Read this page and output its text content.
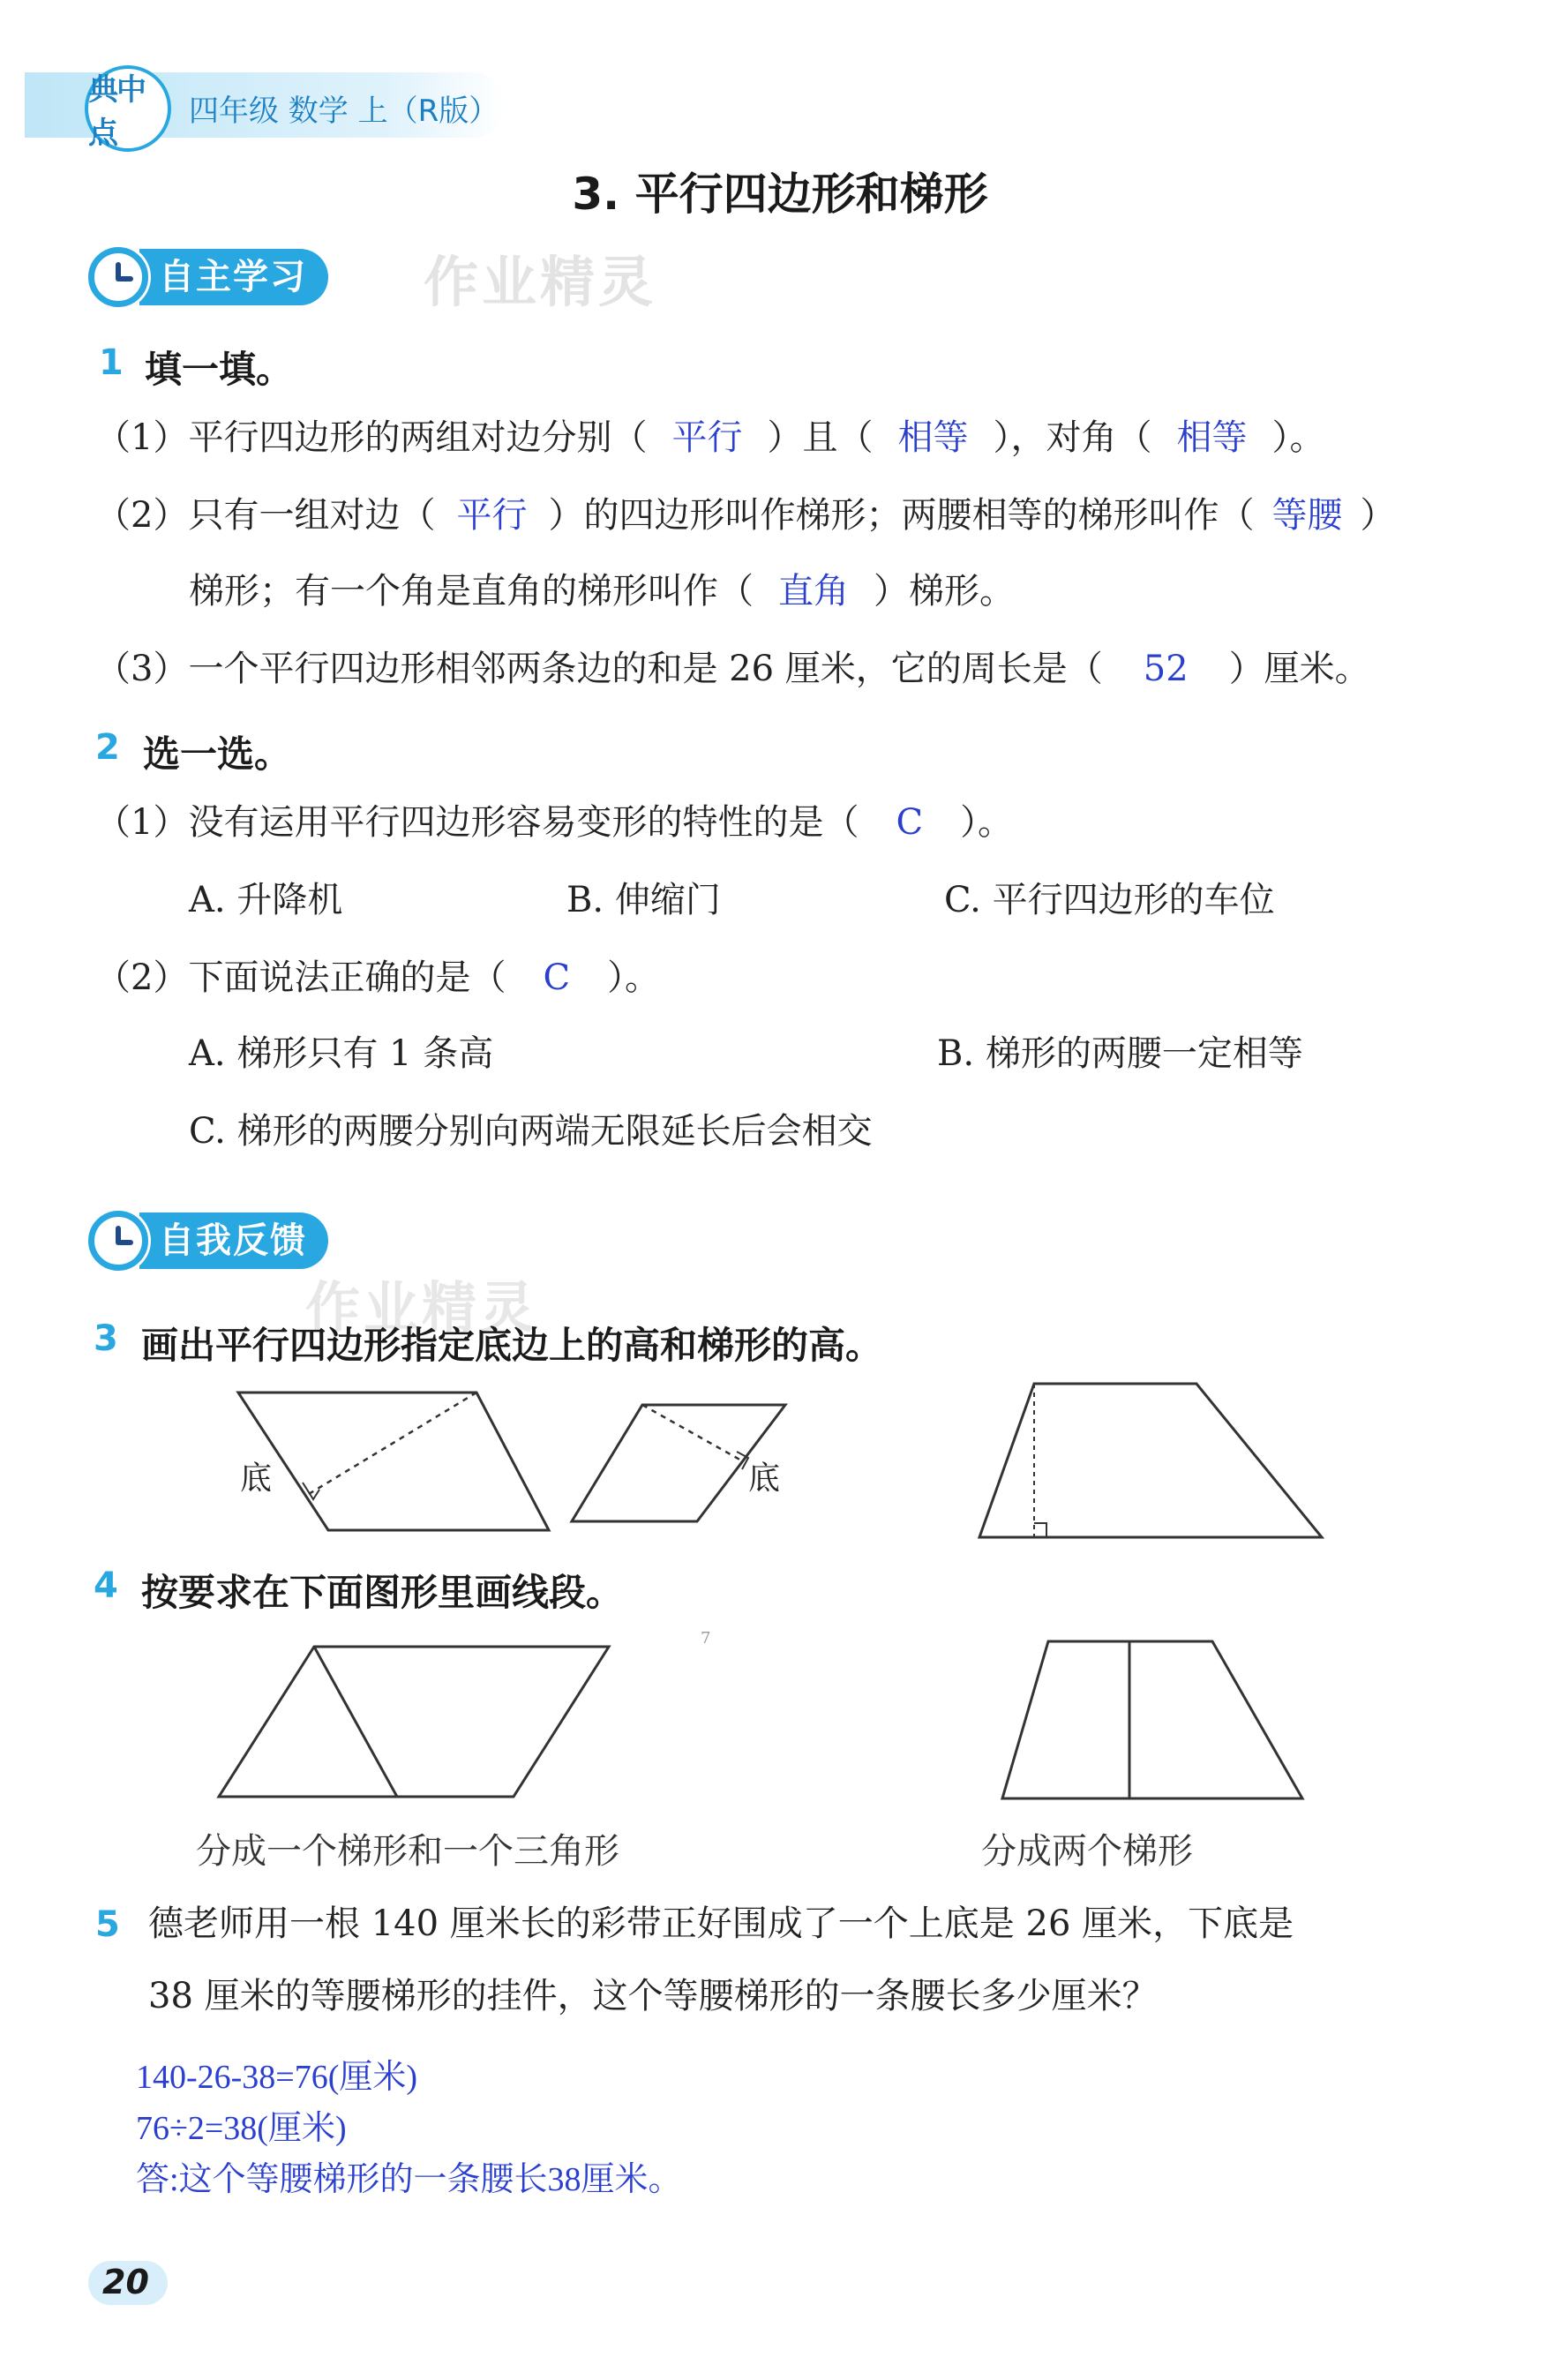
典中点
四年级 数学 上（R版）
3. 平行四边形和梯形
自主学习	作业精灵
1 填一填。
（1）平行四边形的两组对边分别（ 平行 ）且（ 相等 ），对角（ 相等 ）。
（2）只有一组对边（ 平行 ）的四边形叫作梯形；两腰相等的梯形叫作（ 等腰 ）
梯形；有一个角是直角的梯形叫作（ 直角 ）梯形。
（3）一个平行四边形相邻两条边的和是 26 厘米，它的周长是（ 52 ）厘米。
2 选一选。
（1）没有运用平行四边形容易变形的特性的是（ C ）。
A. 升降机	B. 伸缩门	C. 平行四边形的车位
（2）下面说法正确的是（ C ）。
A. 梯形只有 1 条高	B. 梯形的两腰一定相等
C. 梯形的两腰分别向两端无限延长后会相交
自我反馈
作业精灵
3 画出平行四边形指定底边上的高和梯形的高。
底	底
4 按要求在下面图形里画线段。
7
分成一个梯形和一个三角形	分成两个梯形
5 德老师用一根 140 厘米长的彩带正好围成了一个上底是 26 厘米，下底是
38 厘米的等腰梯形的挂件，这个等腰梯形的一条腰长多少厘米？
140-26-38=76(厘米)
76÷2=38(厘米)
答:这个等腰梯形的一条腰长38厘米。
20
